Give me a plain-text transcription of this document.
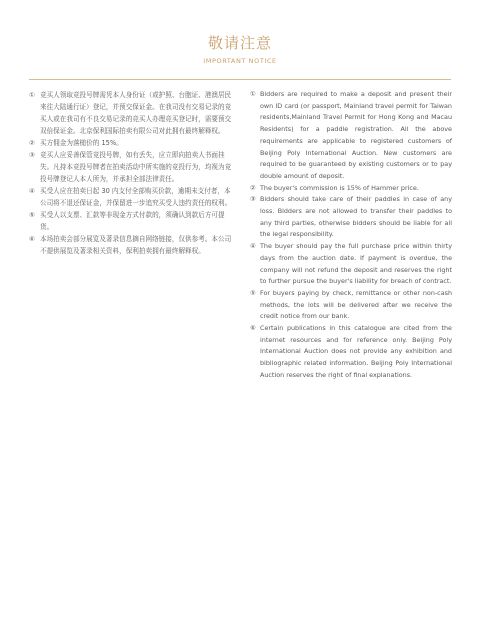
敬请注意
IMPORTANT NOTICE
① 竞买人领取竞投号牌需凭本人身份证（或护照、台胞证、港澳居民来往大陆通行证）登记，并预交保证金。在我司没有交易记录的竞买人或在我司有不良交易记录的竞买人办理竞买登记时，需要预交双倍保证金。北京保利国际拍卖有限公司对此拥有最终解释权。
② 买方佣金为落槌价的 15%。
③ 竞买人应妥善保管竞投号牌，如有丢失，应立即向拍卖人书面挂失。凡持本竞投号牌者在拍卖活动中所实施的竞投行为，均视为竞投号牌登记人本人所为，并承担全部法律责任。
④ 买受人应在拍卖日起 30 内支付全部购买价款，逾期未支付者，本公司将不退还保证金，并保留进一步追究买受人违约责任的权利。
⑤ 买受人以支票、汇款等非现金方式付款的，须确认到款后方可提货。
⑥ 本场拍卖会部分展览及著录信息摘自网络链接，仅供参考。本公司不提供展览及著录相关资料，保利拍卖拥有最终解释权。
① Bidders are required to make a deposit and present their own ID card (or passport, Mainland travel permit for Taiwan residents,Mainland Travel Permit for Hong Kong and Macau Residents) for a paddle registration. All the above requirements are applicable to registered customers of Beijing Poly International Auction. New customers are required to be guaranteed by existing customers or to pay double amount of deposit.
② The buyer's commission is 15% of Hammer price.
③ Bidders should take care of their paddles in case of any loss. Bidders are not allowed to transfer their paddles to any third parties, otherwise bidders should be liable for all the legal responsibility.
④ The buyer should pay the full purchase price within thirty days from the auction date. If payment is overdue, the company will not refund the deposit and reserves the right to further pursue the buyer's liability for breach of contract.
⑤ For buyers paying by check, remittance or other non-cash methods, the lots will be delivered after we receive the credit notice from our bank.
⑥ Certain publications in this catalogue are cited from the internet resources and for reference only. Beijing Poly International Auction does not provide any exhibition and bibliographic related information. Beijing Poly International Auction reserves the right of final explanations.
